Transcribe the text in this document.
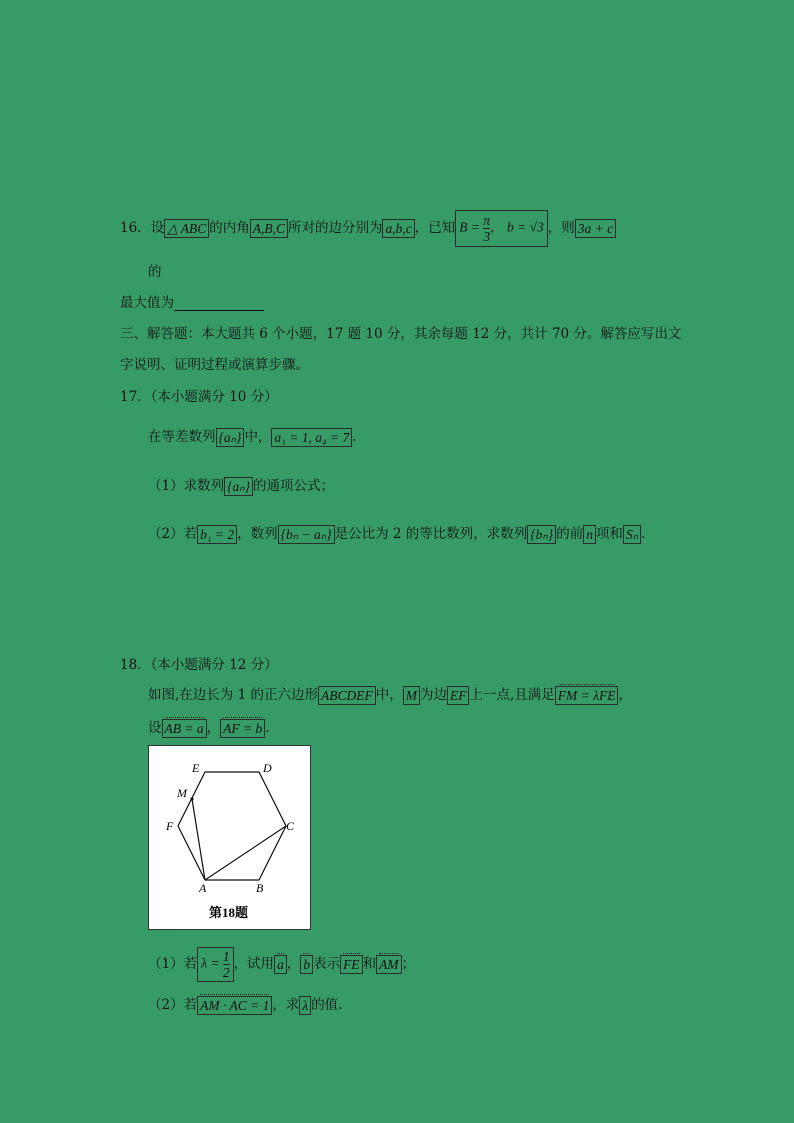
16．设 △ ABC 的内角 A,B,C 所对的边分别为 a,b,c ，已知 $B = \frac{\pi}{3}$ ， b = √3 ，则 3a + c
的
最大值为
三、解答题：本大题共 6 个小题，17 题 10 分，其余每题 12 分，共计 70 分。解答应写出文
字说明、证明过程或演算步骤。
17．（本小题满分 10 分）
在等差数列 {aₙ} 中， a₁ = 1, a₄ = 7 .
（1）求数列 {aₙ} 的通项公式；
（2）若 b₁ = 2 ，数列 {bₙ − aₙ} 是公比为 2 的等比数列，求数列 {bₙ} 的前 n 项和 Sₙ .
18．（本小题满分 12 分）
如图,在边长为 1 的正六边形 ABCDEF 中， M 为边 EF 上一点,且满足 FM = λFE ，
设 AB = a ， AF = b .
E	D
M
F	C
A	B
第18题
（1）若 $\lambda = \frac{1}{2}$ ，试用 a ， b 表示 FE 和 AM ；
（2）若 AM · AC = 1 ，求 λ 的值.
